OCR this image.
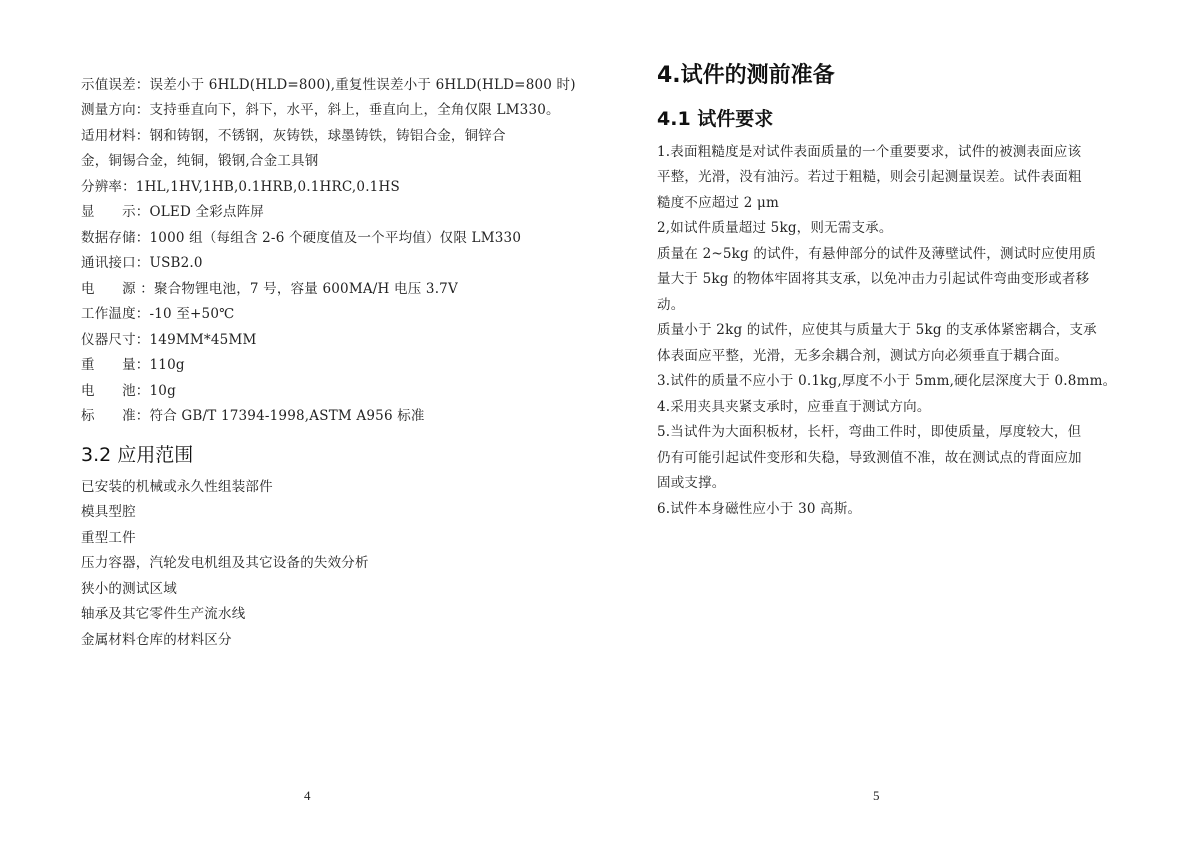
示值误差：误差小于 6HLD(HLD=800),重复性误差小于 6HLD(HLD=800 时)
测量方向：支持垂直向下，斜下，水平，斜上，垂直向上，全角仅限 LM330。
适用材料：钢和铸钢，不锈钢，灰铸铁，球墨铸铁，铸铝合金，铜锌合
金，铜锡合金，纯铜，锻钢,合金工具钢
分辨率：1HL,1HV,1HB,0.1HRB,0.1HRC,0.1HS
显　　示：OLED 全彩点阵屏
数据存储：1000 组（每组含 2-6 个硬度值及一个平均值）仅限 LM330
通讯接口：USB2.0
电　　源 ：聚合物锂电池，7 号，容量 600MA/H 电压 3.7V
工作温度：-10 至+50℃
仪器尺寸：149MM*45MM
重　　量：110g
电　　池：10g
标　　准：符合 GB/T 17394-1998,ASTM A956 标准
3.2 应用范围
已安装的机械或永久性组装部件
模具型腔
重型工件
压力容器，汽轮发电机组及其它设备的失效分析
狭小的测试区域
轴承及其它零件生产流水线
金属材料仓库的材料区分
4
4.试件的测前准备
4.1 试件要求
1.表面粗糙度是对试件表面质量的一个重要要求，试件的被测表面应该
平整，光滑，没有油污。若过于粗糙，则会引起测量误差。试件表面粗
糙度不应超过 2 μm
2,如试件质量超过 5kg，则无需支承。
质量在 2~5kg 的试件，有悬伸部分的试件及薄壁试件，测试时应使用质
量大于 5kg 的物体牢固将其支承，以免冲击力引起试件弯曲变形或者移
动。
质量小于 2kg 的试件，应使其与质量大于 5kg 的支承体紧密耦合，支承
体表面应平整，光滑，无多余耦合剂，测试方向必须垂直于耦合面。
3.试件的质量不应小于 0.1kg,厚度不小于 5mm,硬化层深度大于 0.8mm。
4.采用夹具夹紧支承时，应垂直于测试方向。
5.当试件为大面积板材，长杆，弯曲工件时，即使质量，厚度较大，但
仍有可能引起试件变形和失稳，导致测值不准，故在测试点的背面应加
固或支撑。
6.试件本身磁性应小于 30 高斯。
5
